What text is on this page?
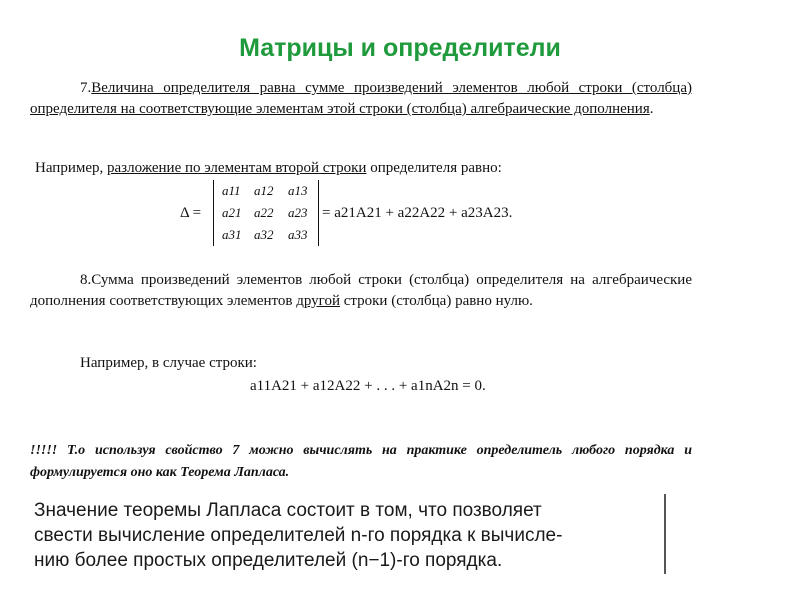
Матрицы и определители
7.Величина определителя равна сумме произведений элементов любой строки (столбца) определителя на соответствующие элементам этой строки (столбца) алгебраические дополнения.
Например, разложение по элементам второй строки определителя равно:
Δ =
a11	a12	a13
a21 a22	a23
a31 a32	a33
= a21A21 + a22A22 + a23A23.
8.Сумма произведений элементов любой строки (столбца) определителя на алгебраические дополнения соответствующих элементов другой строки (столбца) равно нулю.
Например, в случае строки:
a11A21 + a12A22 + . . . + a1nA2n = 0.
!!!!! Т.о используя свойство 7 можно вычислять на практике определитель любого порядка и формулируется оно как Теорема Лапласа.
Значение теоремы Лапласа состоит в том, что позволяет
свести вычисление определителей n-го порядка к вычисле-
нию более простых определителей (n−1)-го порядка.
